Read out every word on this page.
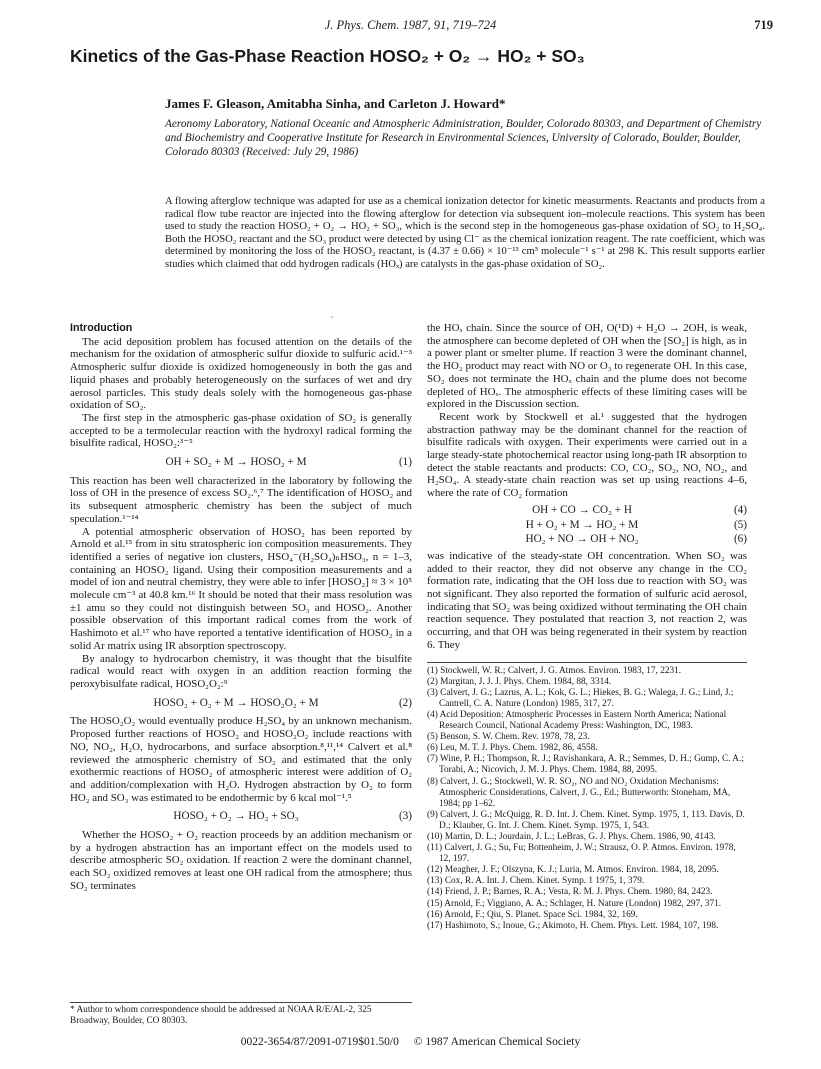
J. Phys. Chem. 1987, 91, 719–724	719
Kinetics of the Gas-Phase Reaction HOSO₂ + O₂ → HO₂ + SO₃
James F. Gleason, Amitabha Sinha, and Carleton J. Howard*
Aeronomy Laboratory, National Oceanic and Atmospheric Administration, Boulder, Colorado 80303, and Department of Chemistry and Biochemistry and Cooperative Institute for Research in Environmental Sciences, University of Colorado, Boulder, Boulder, Colorado 80303 (Received: July 29, 1986)
A flowing afterglow technique was adapted for use as a chemical ionization detector for kinetic measurments. Reactants and products from a radical flow tube reactor are injected into the flowing afterglow for detection via subsequent ion–molecule reactions. This system has been used to study the reaction HOSO₂ + O₂ → HO₂ + SO₃, which is the second step in the homogeneous gas-phase oxidation of SO₂ to H₂SO₄. Both the HOSO₂ reactant and the SO₃ product were detected by using Cl⁻ as the chemical ionization reagent. The rate coefficient, which was determined by monitoring the loss of the HOSO₂ reactant, is (4.37 ± 0.66) × 10⁻¹³ cm³ molecule⁻¹ s⁻¹ at 298 K. This result supports earlier studies which claimed that odd hydrogen radicals (HOₓ) are catalysts in the gas-phase oxidation of SO₂.
`
Introduction

The acid deposition problem has focused attention on the details of the mechanism for the oxidation of atmospheric sulfur dioxide to sulfuric acid.¹⁻³ Atmospheric sulfur dioxide is oxidized homogeneously in both the gas and liquid phases and probably heterogeneously on the surfaces of wet and dry aerosol particles. This study deals solely with the homogeneous gas-phase oxidation of SO₂.

The first step in the atmospheric gas-phase oxidation of SO₂ is generally accepted to be a termolecular reaction with the hydroxyl radical forming the bisulfite radical, HOSO₂:³⁻⁵

OH + SO₂ + M → HOSO₂ + M	(1)

This reaction has been well characterized in the laboratory by following the loss of OH in the presence of excess SO₂.⁶,⁷ The identification of HOSO₂ and its subsequent atmospheric chemistry has been the subject of much speculation.¹⁻¹⁴

A potential atmospheric observation of HOSO₂ has been reported by Arnold et al.¹⁵ from in situ stratospheric ion composition measurements. They identified a series of negative ion clusters, HSO₄⁻(H₂SO₄)ₙHSO₃, n = 1–3, containing an HOSO₂ ligand. Using their composition measurements and a model of ion and neutral chemistry, they were able to infer [HOSO₂] ≈ 3 × 10⁵ molecule cm⁻³ at 40.8 km.¹⁶ It should be noted that their mass resolution was ±1 amu so they could not distinguish between SO₃ and HOSO₂. Another possible observation of this important radical comes from the work of Hashimoto et al.¹⁷ who have reported a tentative identification of HOSO₂ in a solid Ar matrix using IR absorption spectroscopy.

By analogy to hydrocarbon chemistry, it was thought that the bisulfite radical would react with oxygen in an addition reaction forming the peroxybisulfate radical, HOSO₂O₂:⁹

HOSO₂ + O₂ + M → HOSO₂O₂ + M	(2)

The HOSO₂O₂ would eventually produce H₂SO₄ by an unknown mechanism. Proposed further reactions of HOSO₂ and HOSO₂O₂ include reactions with NO, NO₂, H₂O, hydrocarbons, and surface absorption.⁸,¹¹,¹⁴ Calvert et al.⁸ reviewed the atmospheric chemistry of SO₂ and estimated that the only exothermic reactions of HOSO₂ of atmospheric interest were addition of O₂ and addition/complexation with H₂O. Hydrogen abstraction by O₂ to form HO₂ and SO₃ was estimated to be endothermic by 6 kcal mol⁻¹.⁵

HOSO₂ + O₂ → HO₂ + SO₃	(3)

Whether the HOSO₂ + O₂ reaction proceeds by an addition mechanism or by a hydrogen abstraction has an important effect on the models used to describe atmospheric SO₂ oxidation. If reaction 2 were the dominant channel, each SO₂ oxidized removes at least one OH radical from the atmosphere; thus SO₂ terminates

* Author to whom correspondence should be addressed at NOAA R/E/AL-2, 325 Broadway, Boulder, CO 80303.

the HOₓ chain. Since the source of OH, O(¹D) + H₂O → 2OH, is weak, the atmosphere can become depleted of OH when the [SO₂] is high, as in a power plant or smelter plume. If reaction 3 were the dominant channel, the HO₂ product may react with NO or O₃ to regenerate OH. In this case, SO₂ does not terminate the HOₓ chain and the plume does not become depleted of HOₓ. The atmospheric effects of these limiting cases will be explored in the Discussion section.

Recent work by Stockwell et al.¹ suggested that the hydrogen abstraction pathway may be the dominant channel for the reaction of bisulfite radicals with oxygen. Their experiments were carried out in a large steady-state photochemical reactor using long-path IR absorption to detect the stable reactants and products: CO, CO₂, SO₂, NO, NO₂, and H₂SO₄. A steady-state chain reaction was set up using reactions 4–6, where the rate of CO₂ formation

OH + CO → CO₂ + H	(4)
H + O₂ + M → HO₂ + M	(5)
HO₂ + NO → OH + NO₂	(6)

was indicative of the steady-state OH concentration. When SO₂ was added to their reactor, they did not observe any change in the CO₂ formation rate, indicating that the OH loss due to reaction with SO₂ was not significant. They also reported the formation of sulfuric acid aerosol, indicating that SO₂ was being oxidized without terminating the OH chain reaction sequence. They postulated that reaction 3, not reaction 2, was occurring, and that OH was being regenerated in their system by reaction 6. They

(1) Stockwell, W. R.; Calvert, J. G. Atmos. Environ. 1983, 17, 2231.
(2) Margitan, J. J. J. Phys. Chem. 1984, 88, 3314.
(3) Calvert, J. G.; Lazrus, A. L.; Kok, G. L.; Hiekes, B. G.; Walega, J. G.; Lind, J.; Cantrell, C. A. Nature (London) 1985, 317, 27.
(4) Acid Deposition: Atmospheric Processes in Eastern North America; National Research Council, National Academy Press: Washington, DC, 1983.
(5) Benson, S. W. Chem. Rev. 1978, 78, 23.
(6) Leu, M. T. J. Phys. Chem. 1982, 86, 4558.
(7) Wine, P. H.; Thompson, R. J.; Ravishankara, A. R.; Semmes, D. H.; Gump, C. A.; Torabi, A.; Nicovich, J. M. J. Phys. Chem. 1984, 88, 2095.
(8) Calvert, J. G.; Stockwell, W. R. SO₂, NO and NO₂ Oxidation Mechanisms: Atmospheric Considerations, Calvert, J. G., Ed.; Butterworth: Stoneham, MA, 1984; pp 1–62.
(9) Calvert, J. G.; McQuigg, R. D. Int. J. Chem. Kinet. Symp. 1975, 1, 113. Davis, D. D.; Klauber, G. Int. J. Chem. Kinet. Symp. 1975, 1, 543.
(10) Martin, D. L.; Jourdain, J. L.; LeBras, G. J. Phys. Chem. 1986, 90, 4143.
(11) Calvert, J. G.; Su, Fu; Bottenheim, J. W.; Strausz, O. P. Atmos. Environ. 1978, 12, 197.
(12) Meagher, J. F.; Olszyna, K. J.; Luria, M. Atmos. Environ. 1984, 18, 2095.
(13) Cox, R. A. Int. J. Chem. Kinet. Symp. 1 1975, 1, 379.
(14) Friend, J. P.; Barnes, R. A.; Vesta, R. M. J. Phys. Chem. 1980, 84, 2423.
(15) Arnold, F.; Viggiano, A. A.; Schlager, H. Nature (London) 1982, 297, 371.
(16) Arnold, F.; Qiu, S. Planet. Space Sci. 1984, 32, 169.
(17) Hashimoto, S.; Inoue, G.; Akimoto, H. Chem. Phys. Lett. 1984, 107, 198.
0022-3654/87/2091-0719$01.50/0 © 1987 American Chemical Society
